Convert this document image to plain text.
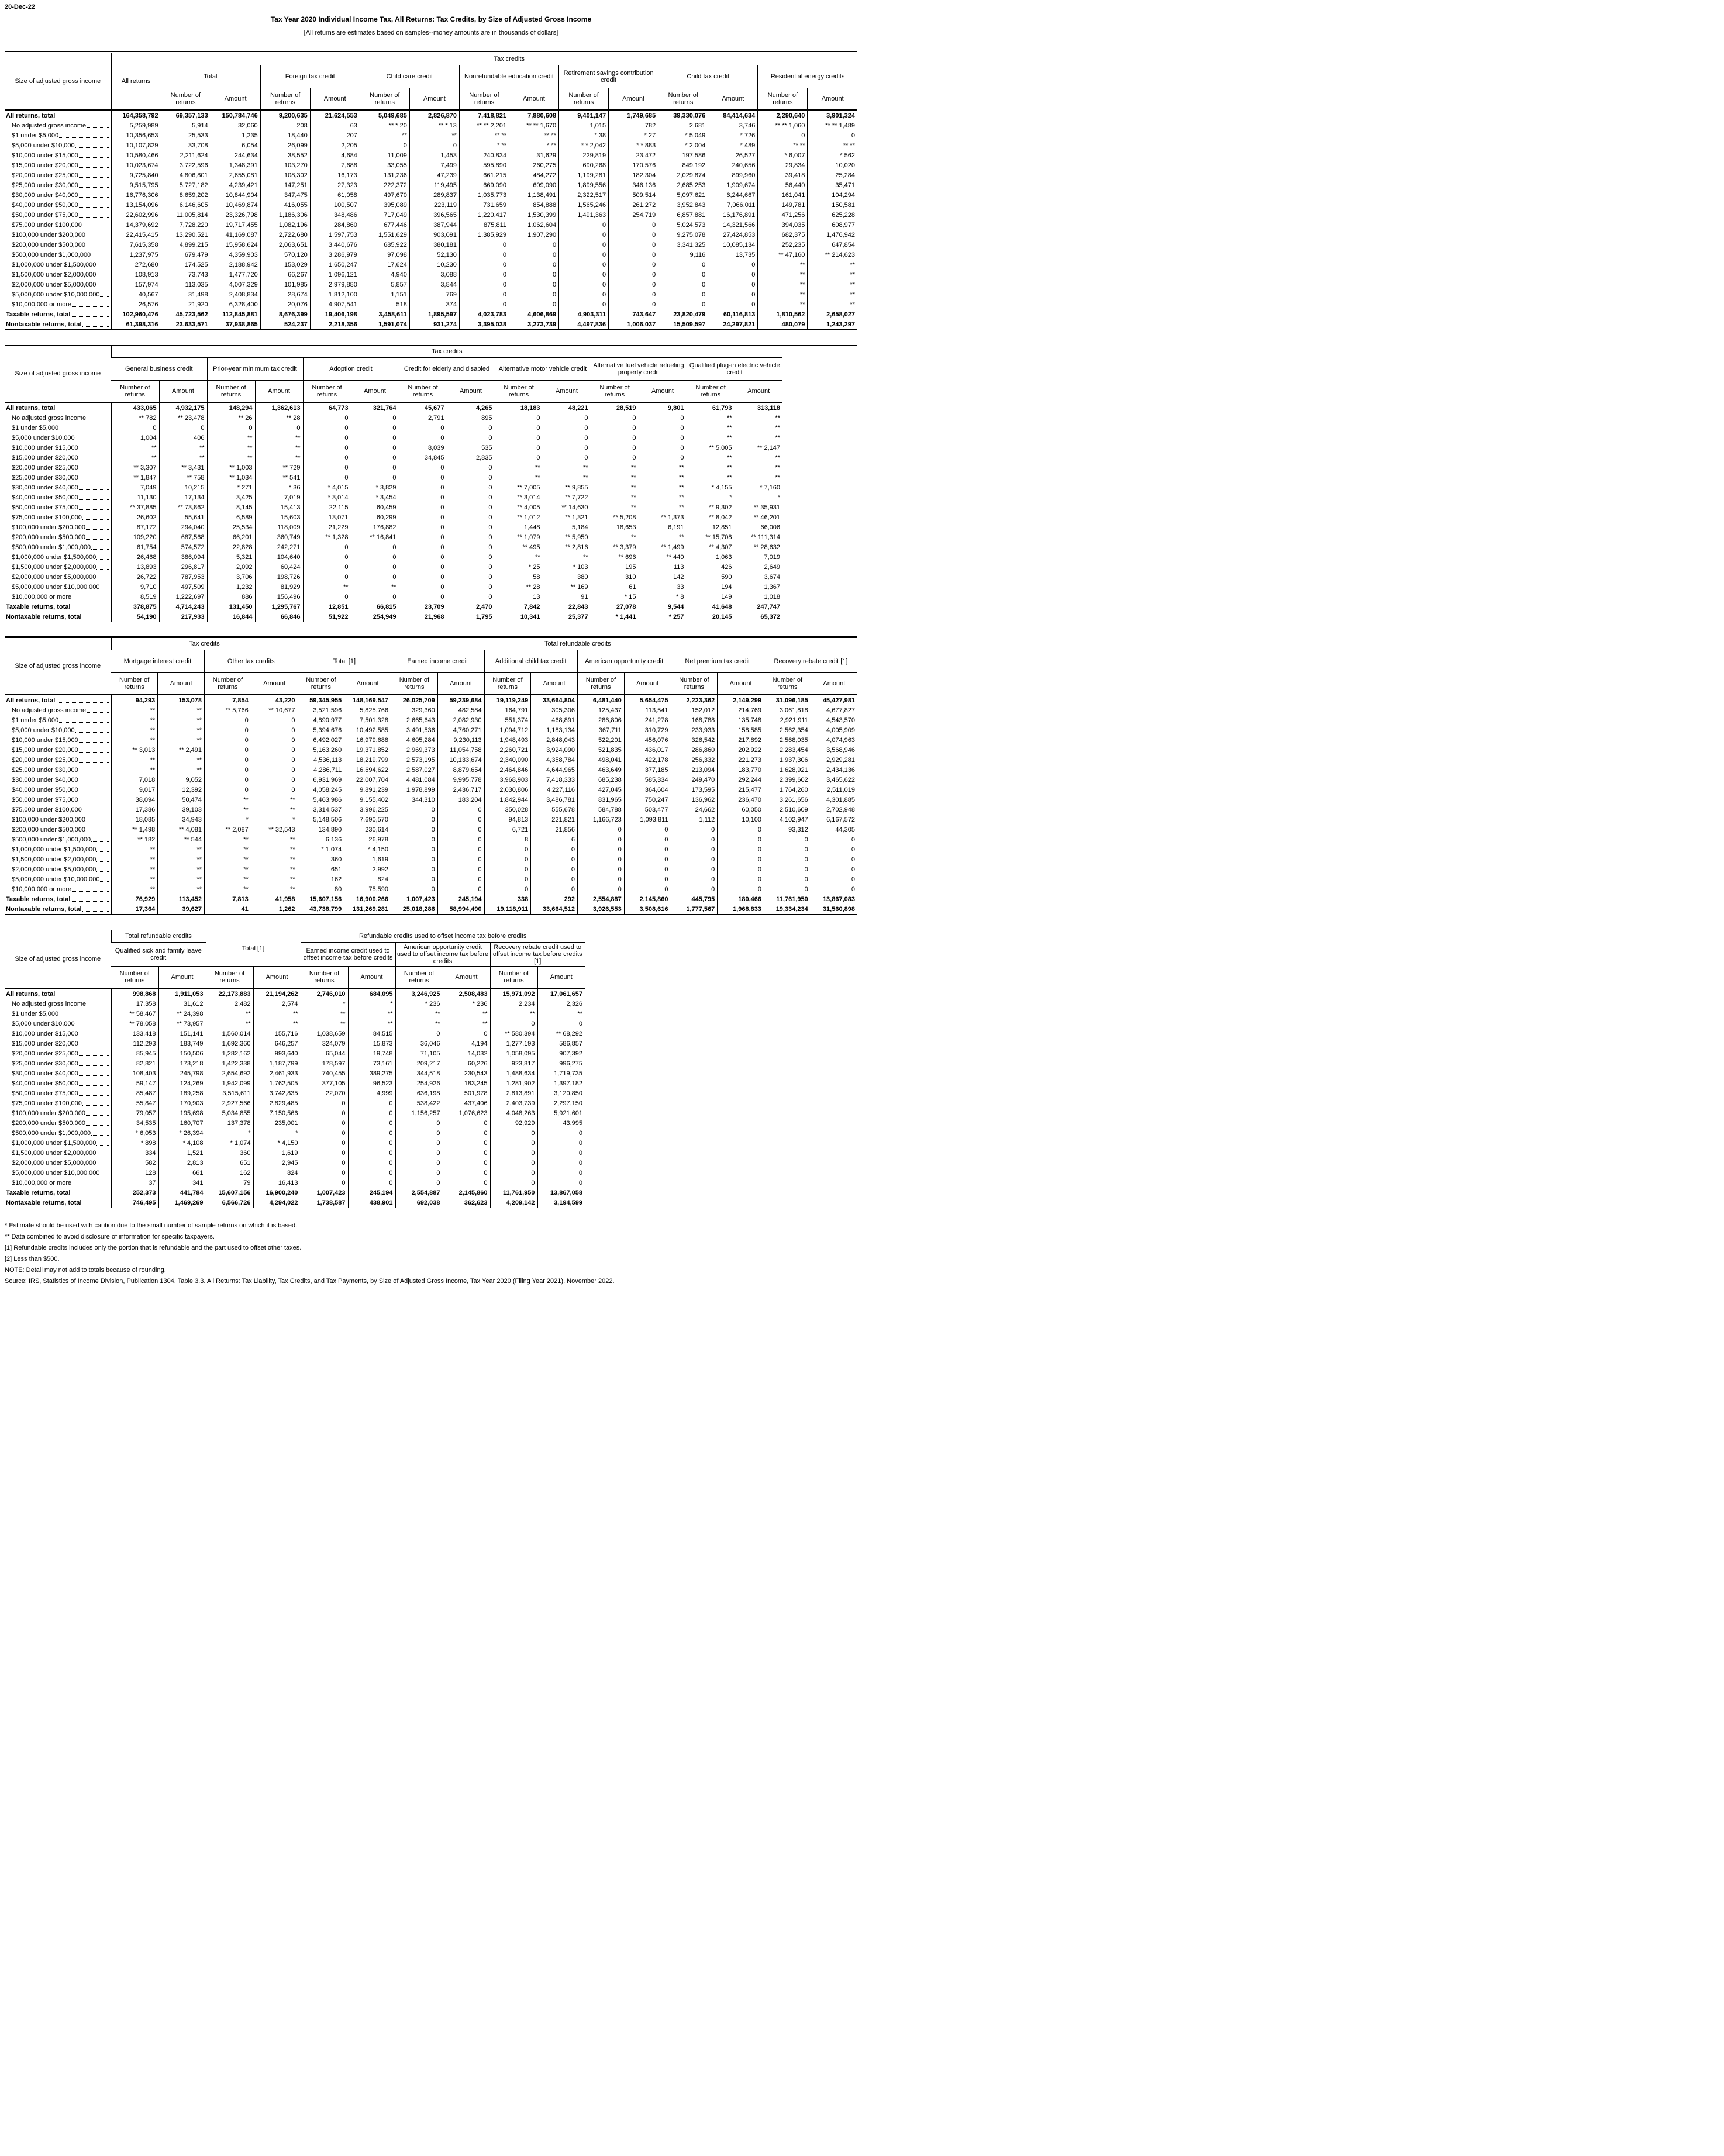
20-Dec-22
Tax Year 2020 Individual Income Tax, All Returns: Tax Credits, by Size of Adjusted Gross Income
[All returns are estimates based on samples--money amounts are in thousands of dollars]
Size of adjusted gross income	All returns	Tax credits													
		Total		Foreign tax credit		Child care credit		Nonrefundable education credit		Retirement savings contribution credit		Child tax credit		Residential energy credits	
		Number of returns	Amount	Number of returns	Amount	Number of returns	Amount	Number of returns	Amount	Number of returns	Amount	Number of returns	Amount	Number of returns	Amount

All returns, total	164,358,792	69,357,133	150,784,746	9,200,635	21,624,553	5,049,685	2,826,870	7,418,821	7,880,608	9,401,147	1,749,685	39,330,076	84,414,634	2,290,640	3,901,324

No adjusted gross income	5,259,989	5,914	32,060	208	63	** * 20	** * 13	** ** 2,201	** ** 1,670	1,015	782	2,681	3,746	** ** 1,060	** ** 1,489

$1 under $5,000	10,356,653	25,533	1,235	18,440	207	**	**	** **	** **	* 38	* 27	* 5,049	* 726	0	0

$5,000 under $10,000	10,107,829	33,708	6,054	26,099	2,205	0	0	* **	* **	* * 2,042	* * 883	* 2,004	* 489	** **	** **

$10,000 under $15,000	10,580,466	2,211,624	244,634	38,552	4,684	11,009	1,453	240,834	31,629	229,819	23,472	197,586	26,527	* 6,007	* 562

$15,000 under $20,000	10,023,674	3,722,596	1,348,391	103,270	7,688	33,055	7,499	595,890	260,275	690,268	170,576	849,192	240,656	29,834	10,020

$20,000 under $25,000	9,725,840	4,806,801	2,655,081	108,302	16,173	131,236	47,239	661,215	484,272	1,199,281	182,304	2,029,874	899,960	39,418	25,284

$25,000 under $30,000	9,515,795	5,727,182	4,239,421	147,251	27,323	222,372	119,495	669,090	609,090	1,899,556	346,136	2,685,253	1,909,674	56,440	35,471

$30,000 under $40,000	16,776,306	8,659,202	10,844,904	347,475	61,058	497,670	289,837	1,035,773	1,138,491	2,322,517	509,514	5,097,621	6,244,667	161,041	104,294

$40,000 under $50,000	13,154,096	6,146,605	10,469,874	416,055	100,507	395,089	223,119	731,659	854,888	1,565,246	261,272	3,952,843	7,066,011	149,781	150,581

$50,000 under $75,000	22,602,996	11,005,814	23,326,798	1,186,306	348,486	717,049	396,565	1,220,417	1,530,399	1,491,363	254,719	6,857,881	16,176,891	471,256	625,228

$75,000 under $100,000	14,379,692	7,728,220	19,717,455	1,082,196	284,860	677,446	387,944	875,811	1,062,604	0	0	5,024,573	14,321,566	394,035	608,977

$100,000 under $200,000	22,415,415	13,290,521	41,169,087	2,722,680	1,597,753	1,551,629	903,091	1,385,929	1,907,290	0	0	9,275,078	27,424,853	682,375	1,476,942

$200,000 under $500,000	7,615,358	4,899,215	15,958,624	2,063,651	3,440,676	685,922	380,181	0	0	0	0	3,341,325	10,085,134	252,235	647,854

$500,000 under $1,000,000	1,237,975	679,479	4,359,903	570,120	3,286,979	97,098	52,130	0	0	0	0	9,116	13,735	** 47,160	** 214,623

$1,000,000 under $1,500,000	272,680	174,525	2,188,942	153,029	1,650,247	17,624	10,230	0	0	0	0	0	0	**	**

$1,500,000 under $2,000,000	108,913	73,743	1,477,720	66,267	1,096,121	4,940	3,088	0	0	0	0	0	0	**	**

$2,000,000 under $5,000,000	157,974	113,035	4,007,329	101,985	2,979,880	5,857	3,844	0	0	0	0	0	0	**	**

$5,000,000 under $10,000,000	40,567	31,498	2,408,834	28,674	1,812,100	1,151	769	0	0	0	0	0	0	**	**

$10,000,000 or more	26,576	21,920	6,328,400	20,076	4,907,541	518	374	0	0	0	0	0	0	**	**

Taxable returns, total	102,960,476	45,723,562	112,845,881	8,676,399	19,406,198	3,458,611	1,895,597	4,023,783	4,606,869	4,903,311	743,647	23,820,479	60,116,813	1,810,562	2,658,027

Nontaxable returns, total	61,398,316	23,633,571	37,938,865	524,237	2,218,356	1,591,074	931,274	3,395,038	3,273,739	4,497,836	1,006,037	15,509,597	24,297,821	480,079	1,243,297
Size of adjusted gross income	Tax credits													
	General business credit		Prior-year minimum tax credit		Adoption credit		Credit for elderly and disabled		Alternative motor vehicle credit		Alternative fuel vehicle refueling property credit		Qualified plug-in electric vehicle credit	
	Number of returns	Amount	Number of returns	Amount	Number of returns	Amount	Number of returns	Amount	Number of returns	Amount	Number of returns	Amount	Number of returns	Amount

All returns, total	433,065	4,932,175	148,294	1,362,613	64,773	321,764	45,677	4,265	18,183	48,221	28,519	9,801	61,793	313,118

No adjusted gross income	** 782	** 23,478	** 26	** 28	0	0	2,791	895	0	0	0	0	**	**

$1 under $5,000	0	0	0	0	0	0	0	0	0	0	0	0	**	**

$5,000 under $10,000	1,004	406	**	**	0	0	0	0	0	0	0	0	**	**

$10,000 under $15,000	**	**	**	**	0	0	8,039	535	0	0	0	0	** 5,005	** 2,147

$15,000 under $20,000	**	**	**	**	0	0	34,845	2,835	0	0	0	0	**	**

$20,000 under $25,000	** 3,307	** 3,431	** 1,003	** 729	0	0	0	0	**	**	**	**	**	**

$25,000 under $30,000	** 1,847	** 758	** 1,034	** 541	0	0	0	0	**	**	**	**	**	**

$30,000 under $40,000	7,049	10,215	* 271	* 36	* 4,015	* 3,829	0	0	** 7,005	** 9,855	**	**	* 4,155	* 7,160

$40,000 under $50,000	11,130	17,134	3,425	7,019	* 3,014	* 3,454	0	0	** 3,014	** 7,722	**	**	*	*

$50,000 under $75,000	** 37,885	** 73,862	8,145	15,413	22,115	60,459	0	0	** 4,005	** 14,630	**	**	** 9,302	** 35,931

$75,000 under $100,000	26,602	55,641	6,589	15,603	13,071	60,299	0	0	** 1,012	** 1,321	** 5,208	** 1,373	** 8,042	** 46,201

$100,000 under $200,000	87,172	294,040	25,534	118,009	21,229	176,882	0	0	1,448	5,184	18,653	6,191	12,851	66,006

$200,000 under $500,000	109,220	687,568	66,201	360,749	** 1,328	** 16,841	0	0	** 1,079	** 5,950	**	**	** 15,708	** 111,314

$500,000 under $1,000,000	61,754	574,572	22,828	242,271	0	0	0	0	** 495	** 2,816	** 3,379	** 1,499	** 4,307	** 28,632

$1,000,000 under $1,500,000	26,468	386,094	5,321	104,640	0	0	0	0	**	**	** 696	** 440	1,063	7,019

$1,500,000 under $2,000,000	13,893	296,817	2,092	60,424	0	0	0	0	* 25	* 103	195	113	426	2,649

$2,000,000 under $5,000,000	26,722	787,953	3,706	198,726	0	0	0	0	58	380	310	142	590	3,674

$5,000,000 under $10,000,000	9,710	497,509	1,232	81,929	**	**	0	0	** 28	** 169	61	33	194	1,367

$10,000,000 or more	8,519	1,222,697	886	156,496	0	0	0	0	13	91	* 15	* 8	149	1,018

Taxable returns, total	378,875	4,714,243	131,450	1,295,767	12,851	66,815	23,709	2,470	7,842	22,843	27,078	9,544	41,648	247,747

Nontaxable returns, total	54,190	217,933	16,844	66,846	51,922	254,949	21,968	1,795	10,341	25,377	* 1,441	* 257	20,145	65,372
Size of adjusted gross income	Tax credits				Total refundable credits											
	Mortgage interest credit		Other tax credits		Total [1]		Earned income credit		Additional child tax credit		American opportunity credit		Net premium tax credit		Recovery rebate credit [1]	
	Number of returns	Amount	Number of returns	Amount	Number of returns	Amount	Number of returns	Amount	Number of returns	Amount	Number of returns	Amount	Number of returns	Amount	Number of returns	Amount

All returns, total	94,293	153,078	7,854	43,220	59,345,955	148,169,547	26,025,709	59,239,684	19,119,249	33,664,804	6,481,440	5,654,475	2,223,362	2,149,299	31,096,185	45,427,981

No adjusted gross income	**	**	** 5,766	** 10,677	3,521,596	5,825,766	329,360	482,584	164,791	305,306	125,437	113,541	152,012	214,769	3,061,818	4,677,827

$1 under $5,000	**	**	0	0	4,890,977	7,501,328	2,665,643	2,082,930	551,374	468,891	286,806	241,278	168,788	135,748	2,921,911	4,543,570

$5,000 under $10,000	**	**	0	0	5,394,676	10,492,585	3,491,536	4,760,271	1,094,712	1,183,134	367,711	310,729	233,933	158,585	2,562,354	4,005,909

$10,000 under $15,000	**	**	0	0	6,492,027	16,979,688	4,605,284	9,230,113	1,948,493	2,848,043	522,201	456,076	326,542	217,892	2,568,035	4,074,963

$15,000 under $20,000	** 3,013	** 2,491	0	0	5,163,260	19,371,852	2,969,373	11,054,758	2,260,721	3,924,090	521,835	436,017	286,860	202,922	2,283,454	3,568,946

$20,000 under $25,000	**	**	0	0	4,536,113	18,219,799	2,573,195	10,133,674	2,340,090	4,358,784	498,041	422,178	256,332	221,273	1,937,306	2,929,281

$25,000 under $30,000	**	**	0	0	4,286,711	16,694,622	2,587,027	8,879,654	2,464,846	4,644,965	463,649	377,185	213,094	183,770	1,628,921	2,434,136

$30,000 under $40,000	7,018	9,052	0	0	6,931,969	22,007,704	4,481,084	9,995,778	3,968,903	7,418,333	685,238	585,334	249,470	292,244	2,399,602	3,465,622

$40,000 under $50,000	9,017	12,392	0	0	4,058,245	9,891,239	1,978,899	2,436,717	2,030,806	4,227,116	427,045	364,604	173,595	215,477	1,764,260	2,511,019

$50,000 under $75,000	38,094	50,474	**	**	5,463,986	9,155,402	344,310	183,204	1,842,944	3,486,781	831,965	750,247	136,962	236,470	3,261,656	4,301,885

$75,000 under $100,000	17,386	39,103	**	**	3,314,537	3,996,225	0	0	350,028	555,678	584,788	503,477	24,662	60,050	2,510,609	2,702,948

$100,000 under $200,000	18,085	34,943	*	*	5,148,506	7,690,570	0	0	94,813	221,821	1,166,723	1,093,811	1,112	10,100	4,102,947	6,167,572

$200,000 under $500,000	** 1,498	** 4,081	** 2,087	** 32,543	134,890	230,614	0	0	6,721	21,856	0	0	0	0	93,312	44,305

$500,000 under $1,000,000	** 182	** 544	**	**	6,136	26,978	0	0	8	6	0	0	0	0	0	0

$1,000,000 under $1,500,000	**	**	**	**	* 1,074	* 4,150	0	0	0	0	0	0	0	0	0	0

$1,500,000 under $2,000,000	**	**	**	**	360	1,619	0	0	0	0	0	0	0	0	0	0

$2,000,000 under $5,000,000	**	**	**	**	651	2,992	0	0	0	0	0	0	0	0	0	0

$5,000,000 under $10,000,000	**	**	**	**	162	824	0	0	0	0	0	0	0	0	0	0

$10,000,000 or more	**	**	**	**	80	75,590	0	0	0	0	0	0	0	0	0	0

Taxable returns, total	76,929	113,452	7,813	41,958	15,607,156	16,900,266	1,007,423	245,194	338	292	2,554,887	2,145,860	445,795	180,466	11,761,950	13,867,083

Nontaxable returns, total	17,364	39,627	41	1,262	43,738,799	131,269,281	25,018,286	58,994,490	19,118,911	33,664,512	3,926,553	3,508,616	1,777,567	1,968,833	19,334,234	31,560,898
Size of adjusted gross income	Total refundable credits		Total [1]		Refundable credits used to offset income tax before credits					
	Qualified sick and family leave credit				Earned income credit used to offset income tax before credits		American opportunity credit used to offset income tax before credits		Recovery rebate credit used to offset income tax before credits [1]	
	Number of returns	Amount	Number of returns	Amount	Number of returns	Amount	Number of returns	Amount	Number of returns	Amount

All returns, total	998,868	1,911,053	22,173,883	21,194,262	2,746,010	684,095	3,246,925	2,508,483	15,971,092	17,061,657

No adjusted gross income	17,358	31,612	2,482	2,574	*	*	* 236	* 236	2,234	2,326

$1 under $5,000	** 58,467	** 24,398	**	**	**	**	**	**	**	**

$5,000 under $10,000	** 78,058	** 73,957	**	**	**	**	**	**	0	0

$10,000 under $15,000	133,418	151,141	1,560,014	155,716	1,038,659	84,515	0	0	** 580,394	** 68,292

$15,000 under $20,000	112,293	183,749	1,692,360	646,257	324,079	15,873	36,046	4,194	1,277,193	586,857

$20,000 under $25,000	85,945	150,506	1,282,162	993,640	65,044	19,748	71,105	14,032	1,058,095	907,392

$25,000 under $30,000	82,821	173,218	1,422,338	1,187,799	178,597	73,161	209,217	60,226	923,817	996,275

$30,000 under $40,000	108,403	245,798	2,654,692	2,461,933	740,455	389,275	344,518	230,543	1,488,634	1,719,735

$40,000 under $50,000	59,147	124,269	1,942,099	1,762,505	377,105	96,523	254,926	183,245	1,281,902	1,397,182

$50,000 under $75,000	85,487	189,258	3,515,611	3,742,835	22,070	4,999	636,198	501,978	2,813,891	3,120,850

$75,000 under $100,000	55,847	170,903	2,927,566	2,829,485	0	0	538,422	437,406	2,403,739	2,297,150

$100,000 under $200,000	79,057	195,698	5,034,855	7,150,566	0	0	1,156,257	1,076,623	4,048,263	5,921,601

$200,000 under $500,000	34,535	160,707	137,378	235,001	0	0	0	0	92,929	43,995

$500,000 under $1,000,000	* 6,053	* 26,394	*	*	0	0	0	0	0	0

$1,000,000 under $1,500,000	* 898	* 4,108	* 1,074	* 4,150	0	0	0	0	0	0

$1,500,000 under $2,000,000	334	1,521	360	1,619	0	0	0	0	0	0

$2,000,000 under $5,000,000	582	2,813	651	2,945	0	0	0	0	0	0

$5,000,000 under $10,000,000	128	661	162	824	0	0	0	0	0	0

$10,000,000 or more	37	341	79	16,413	0	0	0	0	0	0

Taxable returns, total	252,373	441,784	15,607,156	16,900,240	1,007,423	245,194	2,554,887	2,145,860	11,761,950	13,867,058

Nontaxable returns, total	746,495	1,469,269	6,566,726	4,294,022	1,738,587	438,901	692,038	362,623	4,209,142	3,194,599
* Estimate should be used with caution due to the small number of sample returns on which it is based.
** Data combined to avoid disclosure of information for specific taxpayers.
[1] Refundable credits includes only the portion that is refundable and the part used to offset other taxes.
[2] Less than $500.
NOTE: Detail may not add to totals because of rounding.
Source: IRS, Statistics of Income Division, Publication 1304, Table 3.3. All Returns: Tax Liability, Tax Credits, and Tax Payments, by Size of Adjusted Gross Income, Tax Year 2020 (Filing Year 2021). November 2022.
